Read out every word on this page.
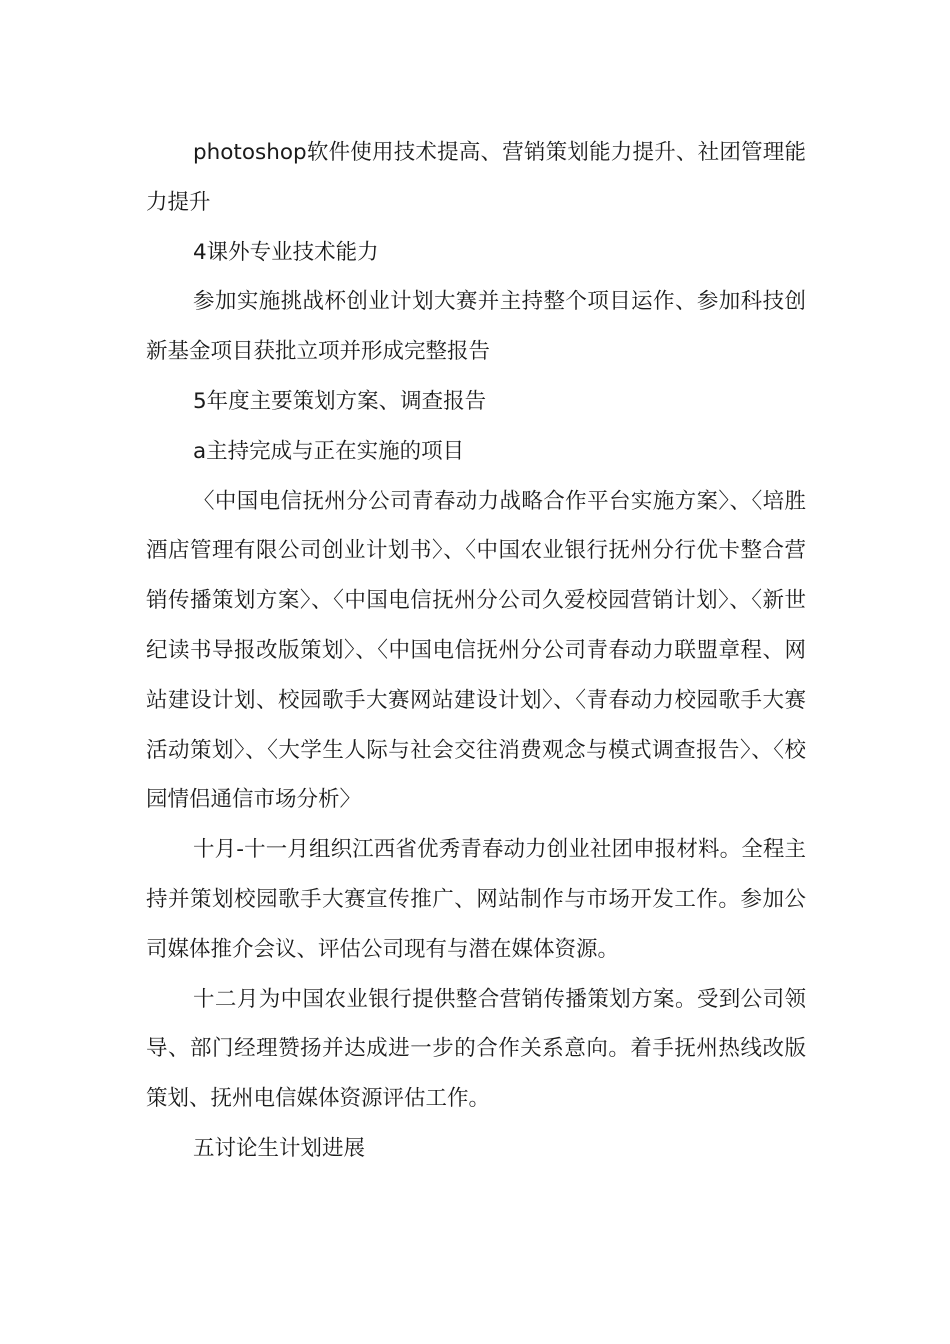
photoshop软件使用技术提高、营销策划能力提升、社团管理能力提升

4课外专业技术能力

参加实施挑战杯创业计划大赛并主持整个项目运作、参加科技创新基金项目获批立项并形成完整报告

5年度主要策划方案、调查报告

a主持完成与正在实施的项目

〈中国电信抚州分公司青春动力战略合作平台实施方案〉、〈培胜酒店管理有限公司创业计划书〉、〈中国农业银行抚州分行优卡整合营销传播策划方案〉、〈中国电信抚州分公司久爱校园营销计划〉、〈新世纪读书导报改版策划〉、〈中国电信抚州分公司青春动力联盟章程、网站建设计划、校园歌手大赛网站建设计划〉、〈青春动力校园歌手大赛活动策划〉、〈大学生人际与社会交往消费观念与模式调查报告〉、〈校园情侣通信市场分析〉

十月-十一月组织江西省优秀青春动力创业社团申报材料。全程主持并策划校园歌手大赛宣传推广、网站制作与市场开发工作。参加公司媒体推介会议、评估公司现有与潜在媒体资源。

十二月为中国农业银行提供整合营销传播策划方案。受到公司领导、部门经理赞扬并达成进一步的合作关系意向。着手抚州热线改版策划、抚州电信媒体资源评估工作。

五讨论生计划进展
